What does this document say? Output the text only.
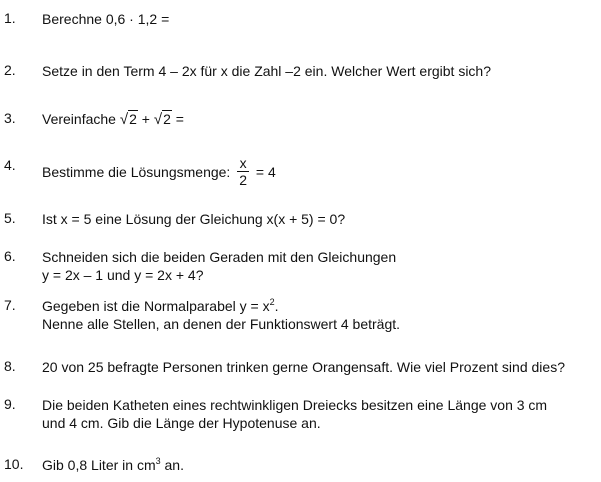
1. Berechne 0,6 · 1,2 =
2. Setze in den Term 4 – 2x für x die Zahl –2 ein. Welcher Wert ergibt sich?
3. Vereinfache √2 + √2 =
4. Bestimme die Lösungsmenge: $\frac{x}{2} = 4$
5. Ist x = 5 eine Lösung der Gleichung x(x + 5) = 0?
6. Schneiden sich die beiden Geraden mit den Gleichungen
y = 2x – 1 und y = 2x + 4?
7. Gegeben ist die Normalparabel $y = x^2$.
Nenne alle Stellen, an denen der Funktionswert 4 beträgt.
8. 20 von 25 befragte Personen trinken gerne Orangensaft. Wie viel Prozent sind dies?
9. Die beiden Katheten eines rechtwinkligen Dreiecks besitzen eine Länge von 3 cm
und 4 cm. Gib die Länge der Hypotenuse an.
10. Gib 0,8 Liter in $cm^3$ an.
